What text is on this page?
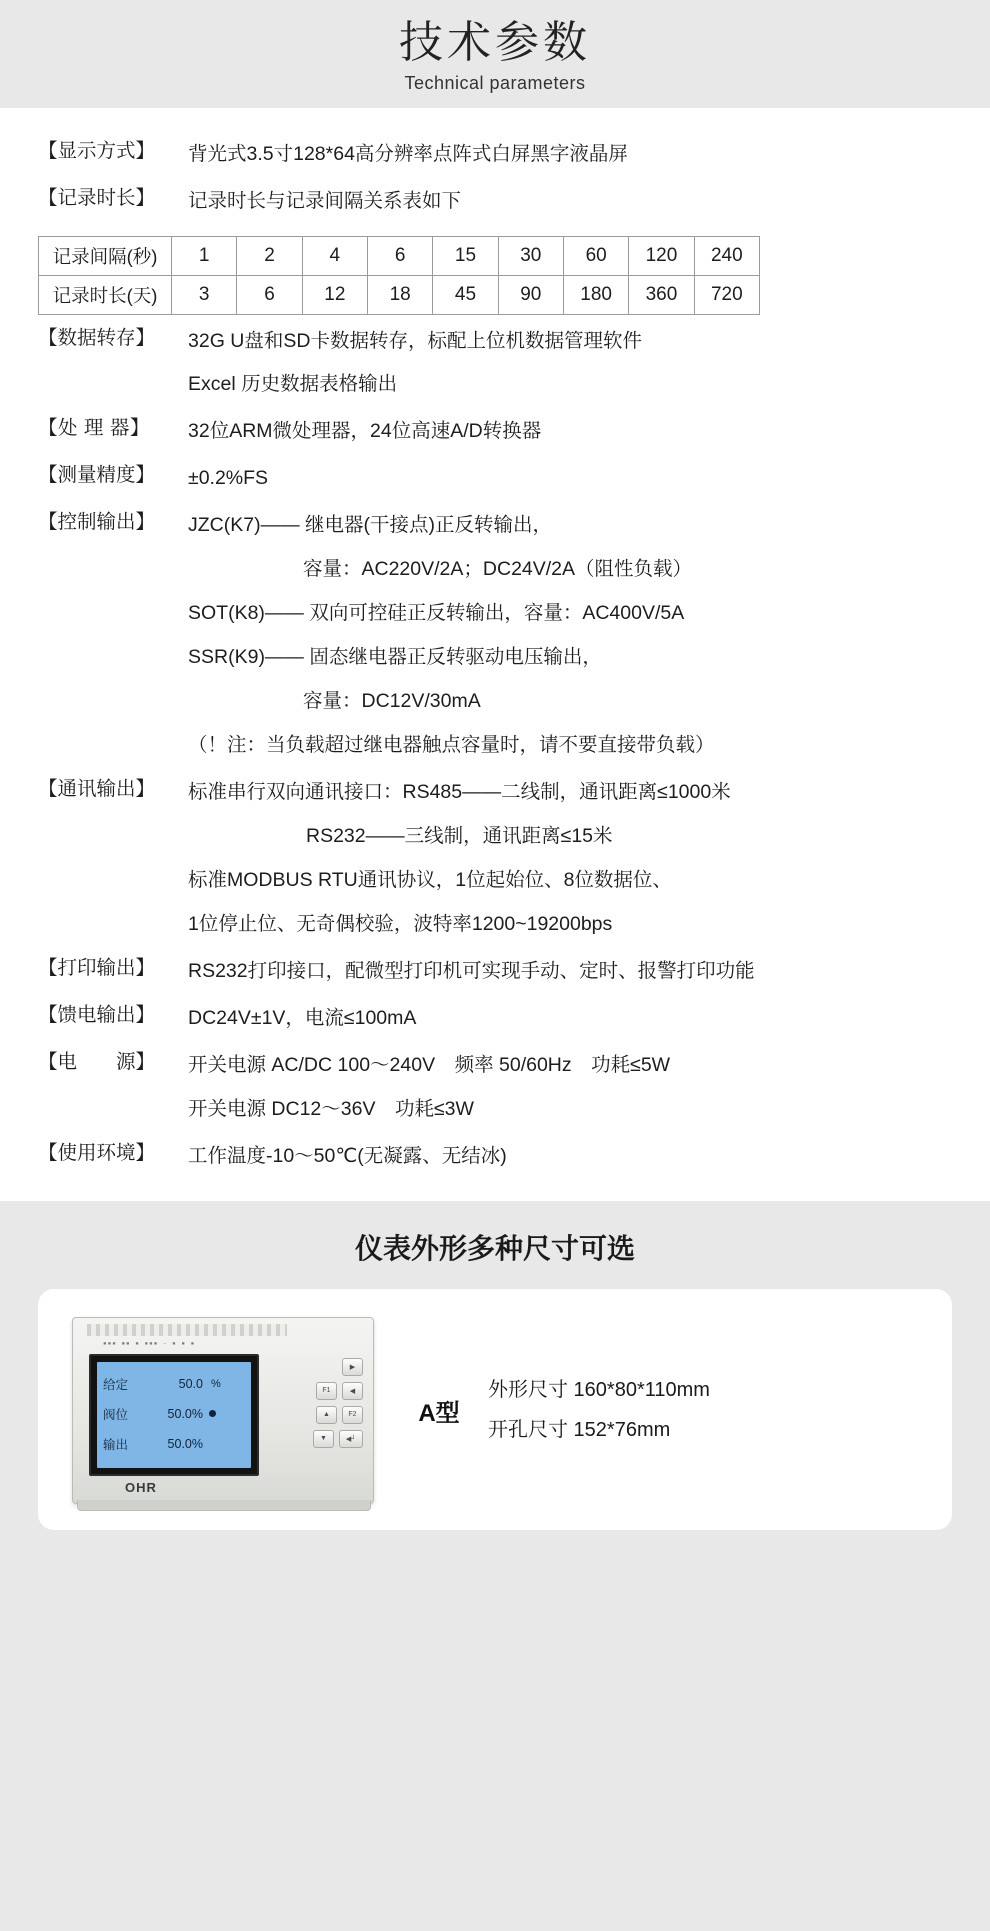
技术参数
Technical parameters
【显示方式】	背光式3.5寸128*64高分辨率点阵式白屏黑字液晶屏
【记录时长】	记录时长与记录间隔关系表如下
记录间隔(秒)	1	2	4	6	15	30	60	120	240
记录时长(天)	3	6	12	18	45	90	180	360	720
【数据转存】	32G U盘和SD卡数据转存，标配上位机数据管理软件
Excel 历史数据表格输出
【处 理 器】	32位ARM微处理器，24位高速A/D转换器
【测量精度】	±0.2%FS
【控制输出】	JZC(K7)—— 继电器(干接点)正反转输出，
容量：AC220V/2A；DC24V/2A（阻性负载）
SOT(K8)—— 双向可控硅正反转输出，容量：AC400V/5A
SSR(K9)—— 固态继电器正反转驱动电压输出，
容量：DC12V/30mA
（！注：当负载超过继电器触点容量时，请不要直接带负载）
【通讯输出】	标准串行双向通讯接口：RS485——二线制，通讯距离≤1000米
RS232——三线制，通讯距离≤15米
标准MODBUS RTU通讯协议，1位起始位、8位数据位、
1位停止位、无奇偶校验，波特率1200~19200bps
【打印输出】	RS232打印接口，配微型打印机可实现手动、定时、报警打印功能
【馈电输出】	DC24V±1V，电流≤100mA
【电　　源】	开关电源 AC/DC 100～240V　频率 50/60Hz　功耗≤5W
开关电源 DC12～36V　功耗≤3W
【使用环境】	工作温度-10～50℃(无凝露、无结冰)
仪表外形多种尺寸可选
▪▪▪ ▪▪ ▪ ▪▪▪ - ▪ ▪ ▪
给定	50.0 %
阀位	50.0%
输出	50.0%
▶
F1	◀
▲	F2
▼	◀┘
OHR
A型
外形尺寸 160*80*110mm
开孔尺寸 152*76mm
